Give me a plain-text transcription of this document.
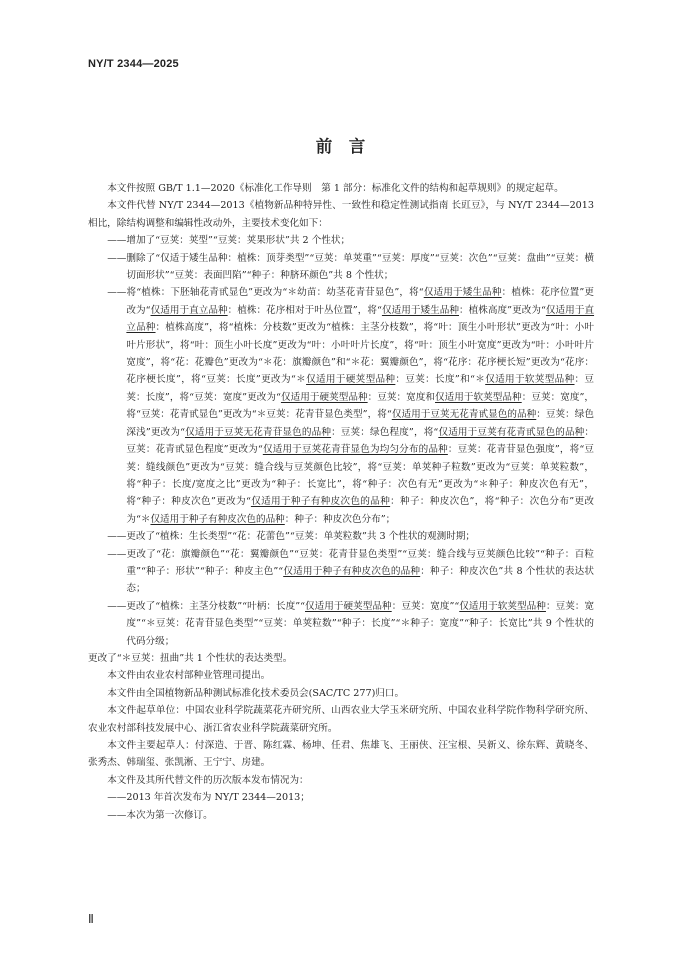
NY/T 2344—2025
前　言

本文件按照 GB/T 1.1—2020《标准化工作导则　第 1 部分：标准化文件的结构和起草规则》的规定起草。

本文件代替 NY/T 2344—2013《植物新品种特异性、一致性和稳定性测试指南 长豇豆》，与 NY/T 2344—2013 相比，除结构调整和编辑性改动外，主要技术变化如下：

——增加了“豆荚：荚型”“豆荚：荚果形状”共 2 个性状；

——删除了“仅适于矮生品种：植株：顶芽类型”“豆荚：单荚重”“豆荚：厚度”“豆荚：次色”“豆荚：盘曲”“豆荚：横切面形状”“豆荚：表面凹陷”“种子：种脐环颜色”共 8 个性状；

——将“植株：下胚轴花青甙显色”更改为“＊幼苗：幼茎花青苷显色”，将“仅适用于矮生品种：植株：花序位置”更改为“仅适用于直立品种：植株：花序相对于叶丛位置”，将“仅适用于矮生品种：植株高度”更改为“仅适用于直立品种：植株高度”，将“植株：分枝数”更改为“植株：主茎分枝数”，将“叶：顶生小叶形状”更改为“叶：小叶叶片形状”，将“叶：顶生小叶长度”更改为“叶：小叶叶片长度”，将“叶：顶生小叶宽度”更改为“叶：小叶叶片宽度”，将“花：花瓣色”更改为“＊花：旗瓣颜色”和“＊花：翼瓣颜色”，将“花序：花序梗长短”更改为“花序：花序梗长度”，将“豆荚：长度”更改为“＊仅适用于硬荚型品种：豆荚：长度”和“＊仅适用于软荚型品种：豆荚：长度”，将“豆荚：宽度”更改为“仅适用于硬荚型品种：豆荚：宽度和仅适用于软荚型品种：豆荚：宽度”，将“豆荚：花青甙显色”更改为“＊豆荚：花青苷显色类型”，将“仅适用于豆荚无花青甙显色的品种：豆荚：绿色深浅”更改为“仅适用于豆荚无花青苷显色的品种：豆荚：绿色程度”，将“仅适用于豆荚有花青甙显色的品种：豆荚：花青甙显色程度”更改为“仅适用于豆荚花青苷显色为均匀分布的品种：豆荚：花青苷显色强度”，将“豆荚：缝线颜色”更改为“豆荚：缝合线与豆荚颜色比较”，将“豆荚：单荚种子粒数”更改为“豆荚：单荚粒数”，将“种子：长度/宽度之比”更改为“种子：长宽比”，将“种子：次色有无”更改为“＊种子：种皮次色有无”，将“种子：种皮次色”更改为“仅适用于种子有种皮次色的品种：种子：种皮次色”，将“种子：次色分布”更改为“＊仅适用于种子有种皮次色的品种：种子：种皮次色分布”；

——更改了“植株：生长类型”“花：花蕾色”“豆荚：单荚粒数”共 3 个性状的观测时期；

——更改了“花：旗瓣颜色”“花：翼瓣颜色”“豆荚：花青苷显色类型”“豆荚：缝合线与豆荚颜色比较”“种子：百粒重”“种子：形状”“种子：种皮主色”“仅适用于种子有种皮次色的品种：种子：种皮次色”共 8 个性状的表达状态；

——更改了“植株：主茎分枝数”“叶柄：长度”“仅适用于硬荚型品种：豆荚：宽度”“仅适用于软荚型品种：豆荚：宽度”“＊豆荚：花青苷显色类型”“豆荚：单荚粒数”“种子：长度”“＊种子：宽度”“种子：长宽比”共 9 个性状的代码分级；

更改了“＊豆荚：扭曲”共 1 个性状的表达类型。

本文件由农业农村部种业管理司提出。

本文件由全国植物新品种测试标准化技术委员会(SAC/TC 277)归口。

本文件起草单位：中国农业科学院蔬菜花卉研究所、山西农业大学玉米研究所、中国农业科学院作物科学研究所、农业农村部科技发展中心、浙江省农业科学院蔬菜研究所。

本文件主要起草人：付深造、于晋、陈红霖、杨坤、任君、焦雄飞、王丽侠、汪宝根、吴新义、徐东辉、黄晓冬、张秀杰、韩瑞玺、张凯淅、王宁宁、房建。

本文件及其所代替文件的历次版本发布情况为：

——2013 年首次发布为 NY/T 2344—2013；

——本次为第一次修订。

Ⅱ
